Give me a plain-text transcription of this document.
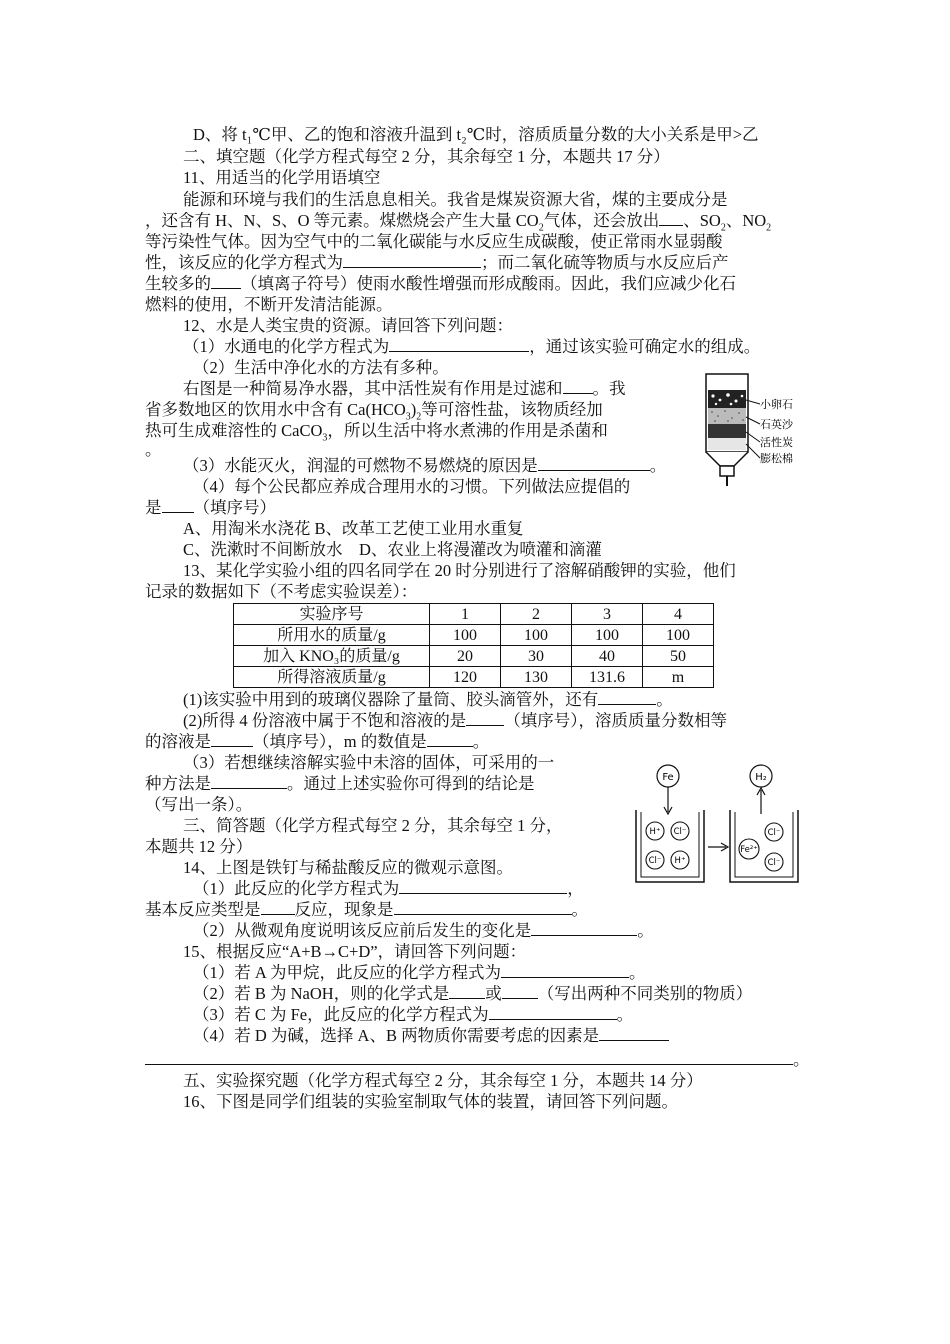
D、将 t₁℃甲、乙的饱和溶液升温到 t₂℃时，溶质质量分数的大小关系是甲>乙
二、填空题（化学方程式每空 2 分，其余每空 1 分，本题共 17 分）
11、用适当的化学用语填空
能源和环境与我们的生活息息相关。我省是煤炭资源大省，煤的主要成分是
，还含有 H、N、S、O 等元素。煤燃烧会产生大量 $CO_2$气体，还会放出 、$SO_2$、$NO_2$
等污染性气体。因为空气中的二氧化碳能与水反应生成碳酸，使正常雨水显弱酸
性，该反应的化学方程式为	；而二氧化硫等物质与水反应后产
生较多的 （填离子符号）使雨水酸性增强而形成酸雨。因此，我们应减少化石
燃料的使用，不断开发清洁能源。
12、水是人类宝贵的资源。请回答下列问题：
（1）水通电的化学方程式为	，通过该实验可确定水的组成。
（2）生活中净化水的方法有多种。
右图是一种简易净水器，其中活性炭有作用是过滤和 。我
省多数地区的饮用水中含有 $Ca(HCO_3)_2$等可溶性盐，该物质经加
热可生成难溶性的 CaCO$_3$，所以生活中将水煮沸的作用是杀菌和
。
（3）水能灭火，润湿的可燃物不易燃烧的原因是	。
（4）每个公民都应养成合理用水的习惯。下列做法应提倡的
是 （填序号）
A、用淘米水浇花 B、改革工艺使工业用水重复
C、洗漱时不间断放水    D、农业上将漫灌改为喷灌和滴灌
13、某化学实验小组的四名同学在 20 时分别进行了溶解硝酸钾的实验，他们
记录的数据如下（不考虑实验误差）：
实验序号	1	2	3	4
所用水的质量/g	100	100	100	100
加入 KNO₃的质量/g	20	30	40	50
所得溶液质量/g	120	130	131.6	m
(1)该实验中用到的玻璃仪器除了量筒、胶头滴管外，还有	。
(2)所得 4 份溶液中属于不饱和溶液的是 （填序号），溶质质量分数相等
的溶液是	（填序号），m 的数值是	。
（3）若想继续溶解实验中未溶的固体，可采用的一
种方法是	。通过上述实验你可得到的结论是
（写出一条）。
三、简答题（化学方程式每空 2 分，其余每空 1 分，
本题共 12 分）
14、上图是铁钉与稀盐酸反应的微观示意图。
（1）此反应的化学方程式为	，
基本反应类型是 反应，现象是	。
（2）从微观角度说明该反应前后发生的变化是	。
15、根据反应“A+B→C+D”，请回答下列问题：
（1）若 A 为甲烷，此反应的化学方程式为	。
（2）若 B 为 NaOH，则的化学式是 或 （写出两种不同类别的物质）
（3）若 C 为 Fe，此反应的化学方程式为	。
（4）若 D 为碱，选择 A、B 两物质你需要考虑的因素是
。
五、实验探究题（化学方程式每空 2 分，其余每空 1 分，本题共 14 分）
16、下图是同学们组装的实验室制取气体的装置，请回答下列问题。
小卵石
石英沙
活性炭
膨松棉
Fe
H⁺ Cl⁻
Cl⁻ H⁺
H₂
Cl⁻
Fe²⁺
Cl⁻
